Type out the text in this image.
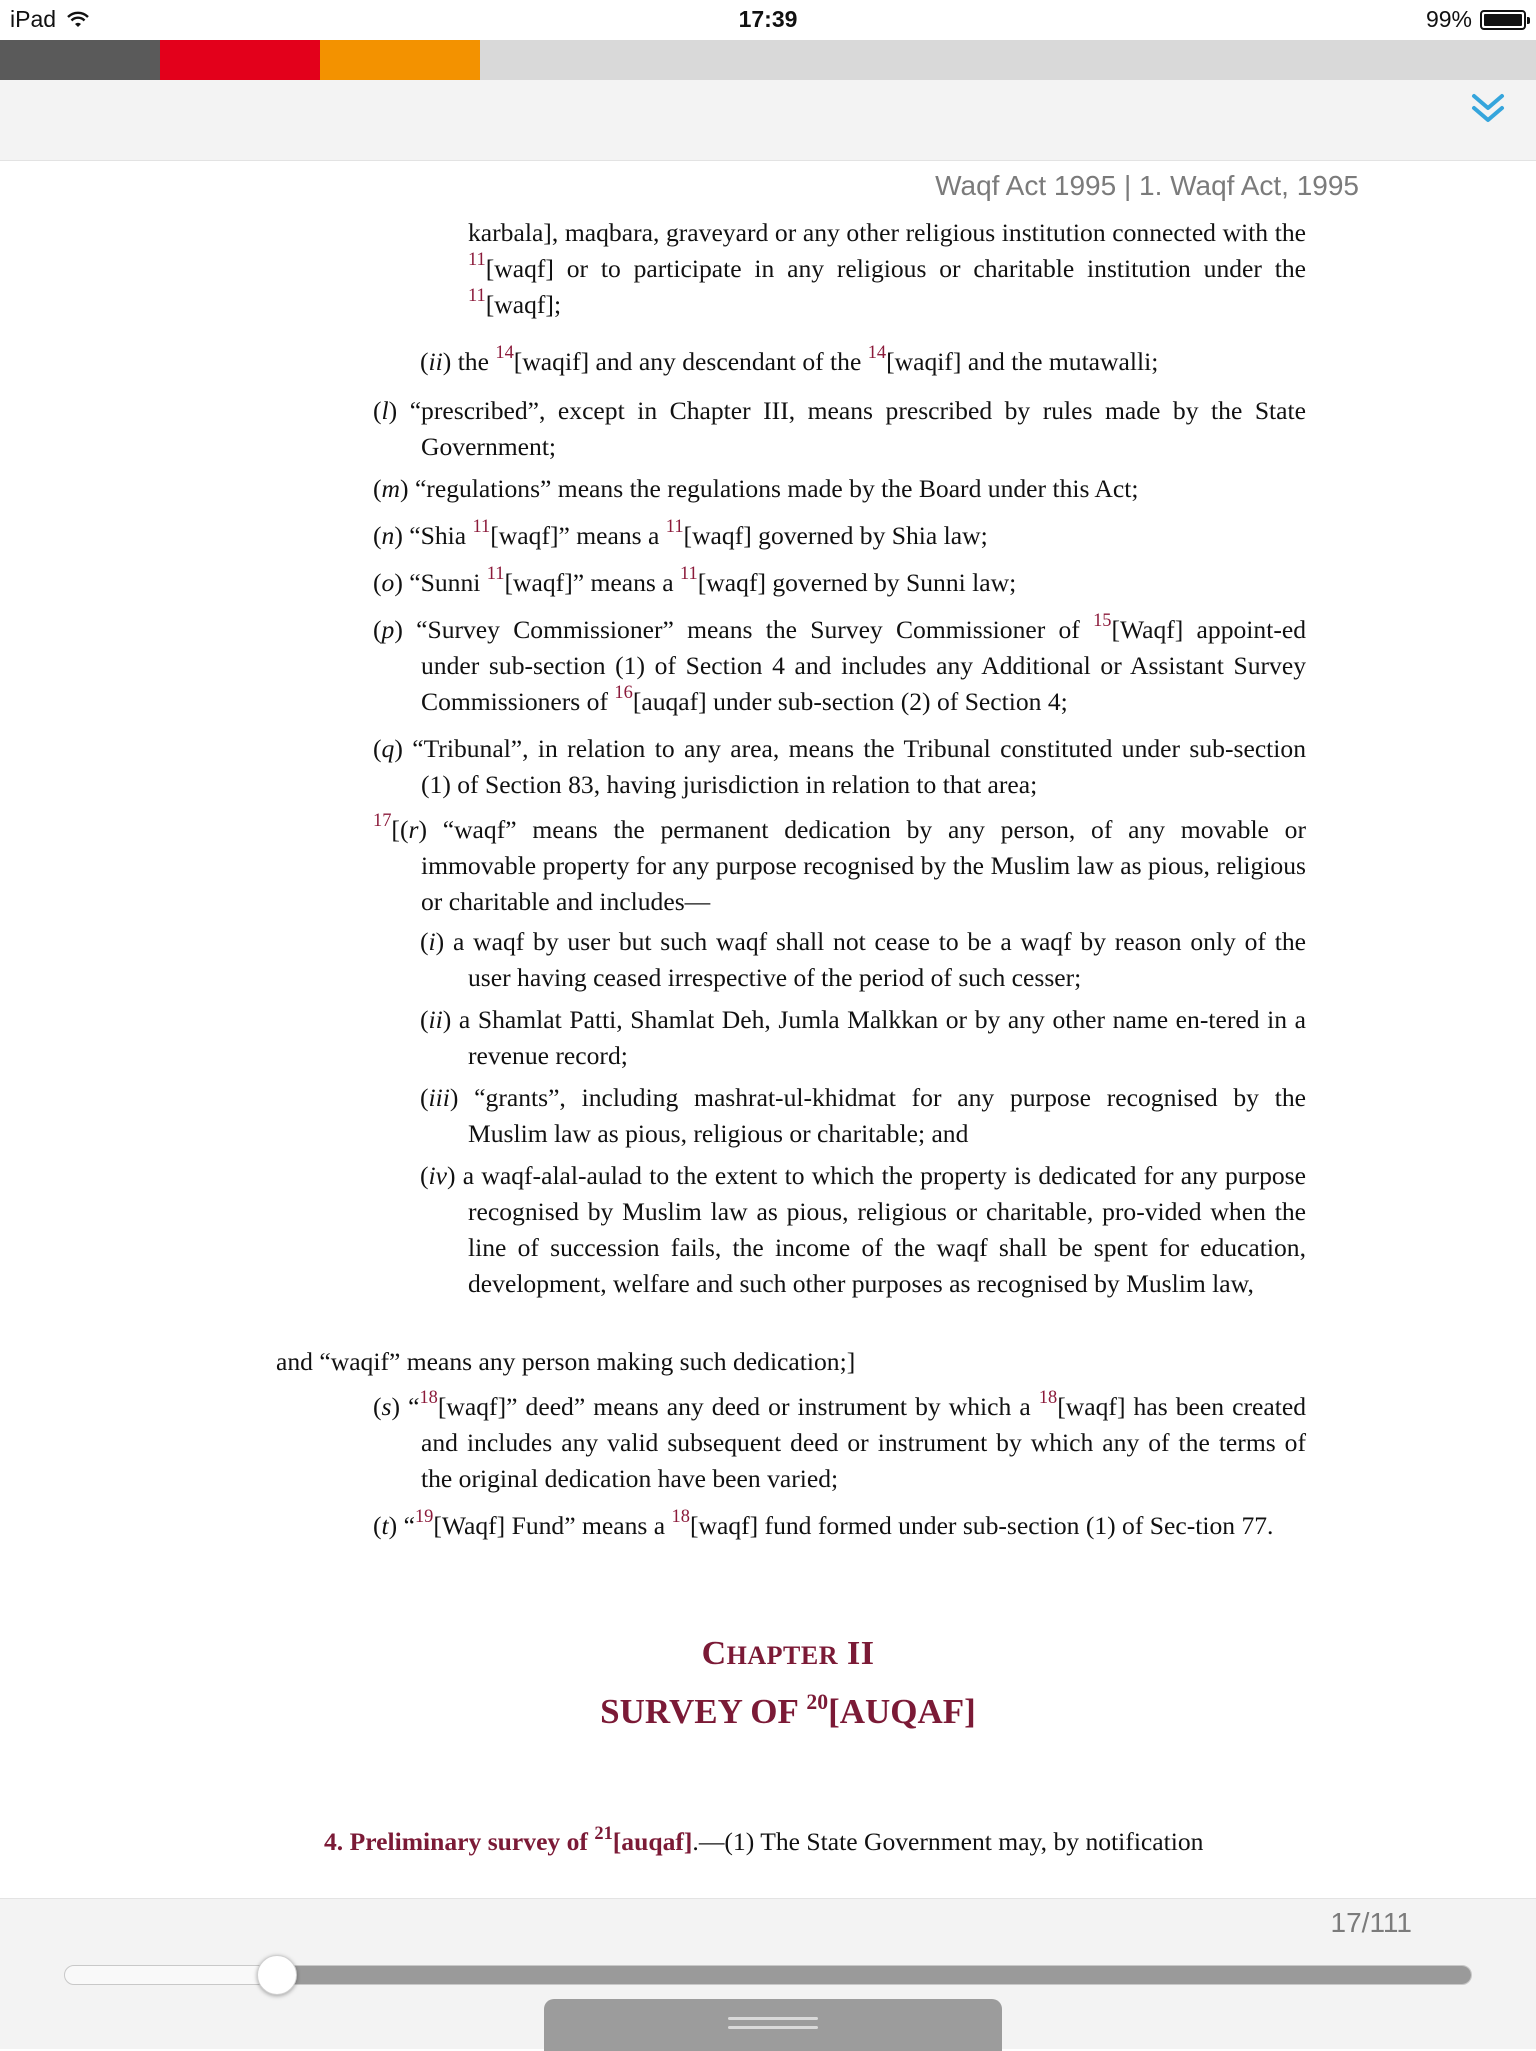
iPad	17:39	99%
Waqf Act 1995 | 1. Waqf Act, 1995

karbala], maqbara, graveyard or any other religious institution connected with the $^{11}$[waqf] or to participate in any religious or charitable institution under the $^{11}$[waqf];

(ii) the $^{14}$[waqif] and any descendant of the $^{14}$[waqif] and the mutawalli;

(l) “prescribed”, except in Chapter III, means prescribed by rules made by the State Government;

(m) “regulations” means the regulations made by the Board under this Act;

(n) “Shia $^{11}$[waqf]” means a $^{11}$[waqf] governed by Shia law;

(o) “Sunni $^{11}$[waqf]” means a $^{11}$[waqf] governed by Sunni law;

(p) “Survey Commissioner” means the Survey Commissioner of $^{15}$[Waqf] appoint-ed under sub-section (1) of Section 4 and includes any Additional or Assistant Survey Commissioners of $^{16}$[auqaf] under sub-section (2) of Section 4;

(q) “Tribunal”, in relation to any area, means the Tribunal constituted under sub-section (1) of Section 83, having jurisdiction in relation to that area;

$^{17}$[(r) “waqf” means the permanent dedication by any person, of any movable or immovable property for any purpose recognised by the Muslim law as pious, religious or charitable and includes—

(i) a waqf by user but such waqf shall not cease to be a waqf by reason only of the user having ceased irrespective of the period of such cesser;

(ii) a Shamlat Patti, Shamlat Deh, Jumla Malkkan or by any other name en-tered in a revenue record;

(iii) “grants”, including mashrat-ul-khidmat for any purpose recognised by the Muslim law as pious, religious or charitable; and

(iv) a waqf-alal-aulad to the extent to which the property is dedicated for any purpose recognised by Muslim law as pious, religious or charitable, pro-vided when the line of succession fails, the income of the waqf shall be spent for education, development, welfare and such other purposes as recognised by Muslim law,

and “waqif” means any person making such dedication;]

(s) “$^{18}$[waqf]” deed” means any deed or instrument by which a $^{18}$[waqf] has been created and includes any valid subsequent deed or instrument by which any of the terms of the original dedication have been varied;

(t) “$^{19}$[Waqf] Fund” means a $^{18}$[waqf] fund formed under sub-section (1) of Sec-tion 77.

CHAPTER II
SURVEY OF $^{20}$[AUQAF]

4. Preliminary survey of $^{21}$[auqaf].—(1) The State Government may, by notification

17/111
